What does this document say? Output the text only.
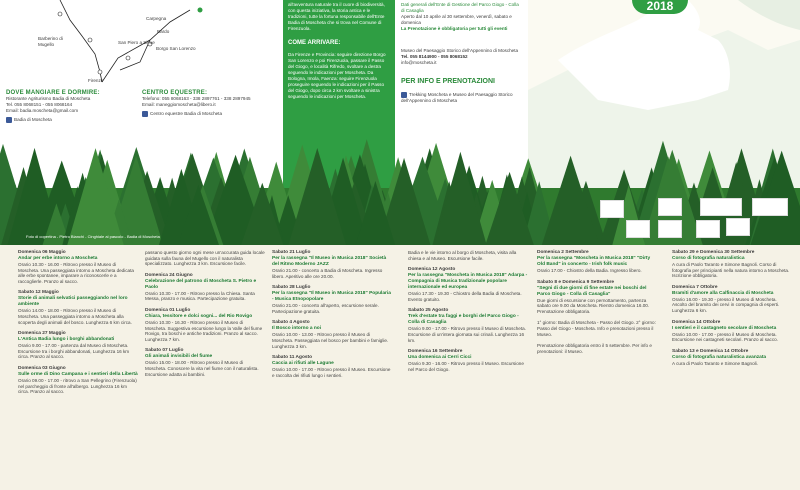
Carpegna
Bardo
San Piero a Sieve
Borgo San Lorenzo
Barberino di Mugello
Firenze
DOVE MANGIARE E DORMIRE:
Ristorante Agriturismo Badia di Moscheta
Tel. 055 8068151 - 055 8068164
Email: badia.moscheta@gmail.com
Badia di Moscheta
CENTRO EQUESTRE:
Telefono: 055 8068163 - 338 2897761 - 338 2897945
Email: maneggiomoscheta@libero.it
Centro equestre Badia di Moscheta
all'avventura naturale tra il cuore di biodiversità, con questa iniziativa, la storia antica e le tradizioni, tutte la fortuna responsabile dell'Ente Badia di Moscheta che si trova nel Comune di Firenzuola.
COME ARRIVARE:
Da Firenze e Provincia: seguire direzione Borgo San Lorenzo e poi Firenzuola, passare il Passo del Giogo, e località Rifredo, svoltare a destra seguendo le indicazioni per Moscheta. Da Bologna, Imola, Faenza: seguire Firenzuola proseguire seguendo le indicazioni per il Passo del Giogo, dopo circa 2 km svoltare a sinistra seguendo le indicazioni per Moscheta.
Dati generali dell'Ente di Gestione del Parco Giogo - Colla di Casaglia
Aperto dal 10 aprile al 30 settembre, venerdì, sabato e domenica
La Prenotazione è obbligatoria per tutti gli eventi
Museo del Paesaggio Storico dell'Appennino di Moscheta
Tel. 055 8144900 - 055 8068152
info@moscheta.it
PER INFO E PRENOTAZIONI
Trekking Moscheta e Museo del Paesaggio Storico dell'Appennino di Moscheta
2018
Foto di copertina - Pietro Bianchi - Cinghiale al pascolo - Badia di Moscheta
Domenica 06 Maggio
Andar per erbe intorno a Moscheta
Orario 10.30 - 16.00 - Ritrovo presso il Museo di Moscheta. Una passeggiata intorno a Moscheta dedicata alle erbe spontanee, imparare a riconoscerle e a raccoglierle. Pranzo al sacco.
Sabato 12 Maggio
Storie di animali selvatici passeggiando nel loro ambiente
Orario 14.00 - 18.00 - Ritrovo presso il Museo di Moscheta. Una passeggiata intorno a Moscheta alla scoperta degli animali del bosco. Lunghezza 6 km circa.
Domenica 27 Maggio
L'Antica Badia lungo i borghi abbandonati
Orario 9.00 - 17.00 - partenza dal Museo di Moscheta. Escursione tra i borghi abbandonati, Lunghezza 16 km circa. Pranzo al sacco.
Domenica 03 Giugno
Sulle orme di Dino Campana e i sentieri della Libertà
Orario 09.00 - 17.00 - ritrovo a San Pellegrino (Firenzuola) nel parcheggio di fronte all'albergo. Lunghezza 16 km circa. Pranzo al sacco.
passano questo giorno ogni mese un'accurata guida locale guidata sulla fauna del Mugello con il naturalista specializzato. Lunghezza 3 km. Escursione facile.
Domenica 24 Giugno
Celebrazione del patrono di Moscheta S. Pietro e Paolo
Orario 10.30 - 17.00 - Ritrovo presso la Chiesa. Santa Messa, pranzo e musica. Partecipazione gratuita.
Domenica 01 Luglio
Chiara, tessitore e dolci sogni... del Rio Rovigo
Orario 10.30 - 16.30 - Ritrovo presso il Museo di Moscheta. Suggestiva escursione lungo la Valle del fiume Rovigo, tra boschi e antiche tradizioni. Pranzo al sacco. Lunghezza 7 km.
Sabato 07 Luglio
Gli animali invisibili del fiume
Orario 15.00 - 18.00 - Ritrovo presso il Museo di Moscheta. Conoscere la vita nel fiume con il naturalista. Escursione adatta ai bambini.
Sabato 21 Luglio
Per la rassegna "Il Museo in Musica 2018" Società del Ritmo Moderno JAZZ
Orario 21.00 - concerto a Badia di Moscheta. Ingresso libero. Aperitivo alle ore 20.00.
Sabato 28 Luglio
Per la rassegna "Il Museo in Musica 2018" Popularia - Musica Etnopopolare
Orario 21.00 - concerto all'aperto, escursione serale. Partecipazione gratuita.
Sabato 4 Agosto
Il Bosco intorno a noi
Orario 10.00 - 13.00 - Ritrovo presso il Museo di Moscheta. Passeggiata nel bosco per bambini e famiglie. Lunghezza 3 km.
Sabato 11 Agosto
Caccia ai rifiuti alle Lagune
Orario 10.00 - 17.00 - Ritrovo presso il Museo. Escursione e raccolta dei rifiuti lungo i sentieri.
Badia e le vie intorno al borgo di Moscheta, visita alla chiesa e al Museo. Escursione facile.
Domenica 12 Agosto
Per la rassegna "Moscheta in Musica 2018" Adarpa - Compagnia di Musica tradizionale popolare internazionale ed europea
Orario 17.30 - 19.30 - Chiostro della Badia di Moscheta. Evento gratuito.
Sabato 25 Agosto
Trek d'estate tra faggi e borghi del Parco Giogo - Colla di Casaglia
Orario 9.00 - 17.00 - Ritrovo presso il Museo di Moscheta. Escursione di un'intera giornata sui crinali. Lunghezza 16 km.
Domenica 16 Settembre
Una domenica ai Cerri Cicci
Orario 9.30 - 16.00 - Ritrovo presso il Museo. Escursione nel Parco del Giogo.
Domenica 2 Settembre
Per la rassegna "Moscheta in Musica 2018" "Dirty Old Band" in concerto - Irish folk music
Orario 17.00 - Chiostro della Badia. Ingresso libero.
Sabato 8 e Domenica 9 Settembre
"Segni di due giorni di fine estate nei boschi del Parco Giogo - Colla di Casaglia"
Due giorni di escursione con pernottamento, partenza sabato ore 9.00 da Moscheta. Rientro domenica 16.00. Prenotazione obbligatoria.
1° giorno: Badia di Moscheta - Passo del Giogo. 2° giorno: Passo del Giogo - Moscheta. Info e prenotazioni presso il Museo.
Prenotazione obbligatoria entro il 5 settembre. Per info e prenotazioni: il Museo.
Sabato 29 e Domenica 30 Settembre
Corso di fotografia naturalistica
A cura di Paolo Taranto e Simone Bagnoli. Corso di fotografia per principianti nella natura intorno a Moscheta. Iscrizione obbligatoria.
Domenica 7 Ottobre
Bramiti d'amore alla Calfinaccia di Moscheta
Orario 16.00 - 19.30 - presso il Museo di Moscheta. Ascolto del bramito dei cervi in compagnia di esperti. Lunghezza 6 km.
Domenica 14 Ottobre
I sentieri e il castagneto secolare di Moscheta
Orario 10.00 - 17.00 - presso il Museo di Moscheta. Escursione nei castagneti secolari. Pranzo al sacco.
Sabato 13 e Domenica 14 Ottobre
Corso di fotografia naturalistica avanzata
A cura di Paolo Taranto e Simone Bagnoli.
